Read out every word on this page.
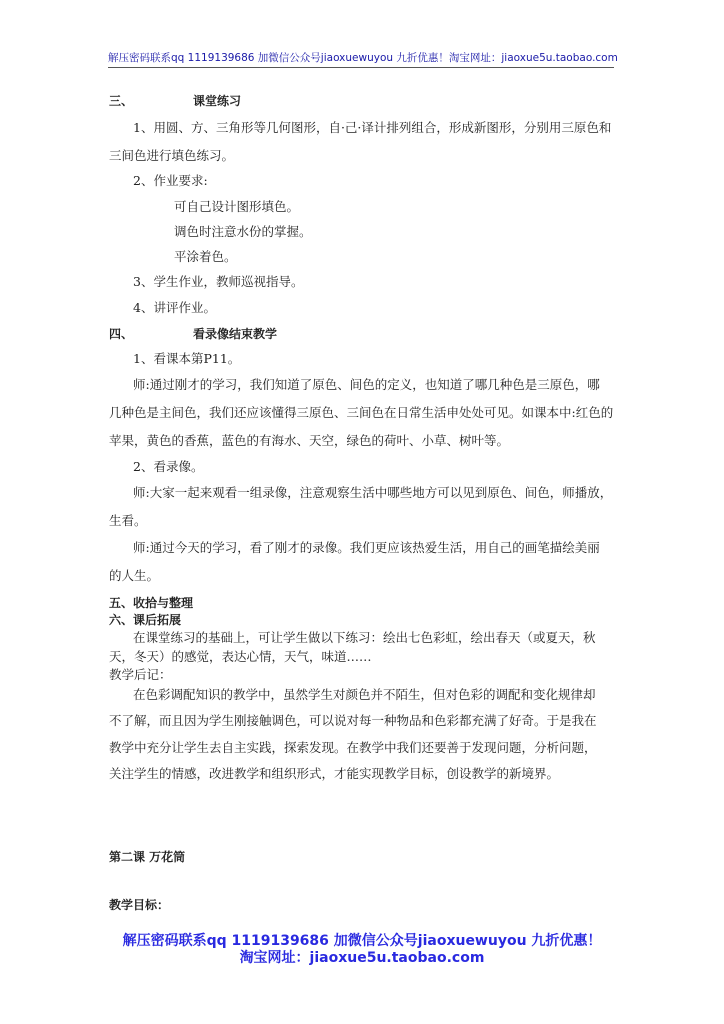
解压密码联系qq 1119139686 加微信公众号jiaoxuewuyou 九折优惠！淘宝网址：jiaoxue5u.taobao.com
三、	课堂练习
1、用圆、方、三角形等几何图形，自·己·译计排列组合，形成新图形，分别用三原色和
三间色进行填色练习。
2、作业要求:
可自己设计图形填色。
调色时注意水份的掌握。
平涂着色。
3、学生作业，教师巡视指导。
4、讲评作业。
四、	看录像结束教学
1、看课本第P11。
师:通过刚才的学习，我们知道了原色、间色的定义，也知道了哪几种色是三原色，哪
几种色是主间色，我们还应该懂得三原色、三间色在日常生活申处处可见。如课本中:红色的
苹果，黄色的香蕉，蓝色的有海水、天空，绿色的荷叶、小草、树叶等。
2、看录像。
师:大家一起来观看一组录像，注意观察生活中哪些地方可以见到原色、间色，师播放，
生看。
师:通过今天的学习，看了刚才的录像。我们更应该热爱生活，用自己的画笔描绘美丽
的人生。
五、收拾与整理
六、课后拓展
在课堂练习的基础上，可让学生做以下练习：绘出七色彩虹，绘出春天（或夏天，秋
天，冬天）的感觉，表达心情，天气，味道……
教学后记：
在色彩调配知识的教学中，虽然学生对颜色并不陌生，但对色彩的调配和变化规律却
不了解，而且因为学生刚接触调色，可以说对每一种物品和色彩都充满了好奇。于是我在
教学中充分让学生去自主实践，探索发现。在教学中我们还要善于发现问题，分析问题，
关注学生的情感，改进教学和组织形式，才能实现教学目标，创设教学的新境界。
第二课 万花筒
教学目标：
解压密码联系qq 1119139686 加微信公众号jiaoxuewuyou 九折优惠！
淘宝网址：jiaoxue5u.taobao.com
